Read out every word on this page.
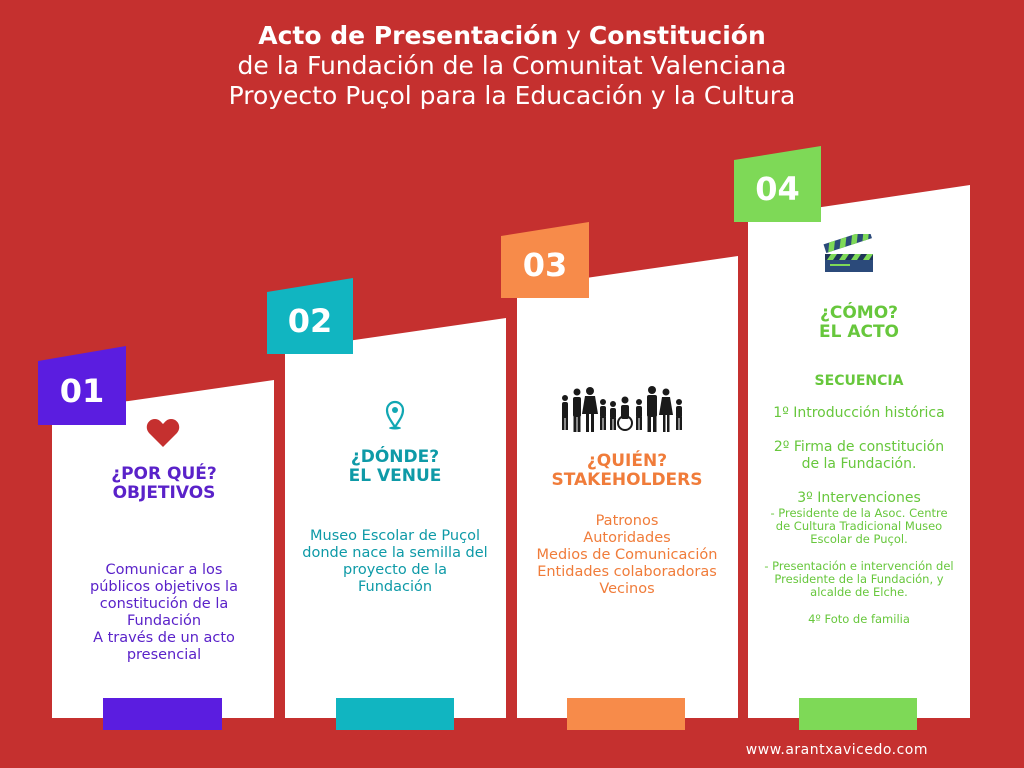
Acto de Presentación y Constitución
de la Fundación de la Comunitat Valenciana
Proyecto Puçol para la Educación y la Cultura
01
¿POR QUÉ?
OBJETIVOS

Comunicar a los

públicos objetivos la

constitución de la

Fundación

A través de un acto

presencial

02
¿DÓNDE?
EL VENUE

Museo Escolar de Puçol

donde nace la semilla del

proyecto de la

Fundación

03
¿QUIÉN?
STAKEHOLDERS

Patronos

Autoridades

Medios de Comunicación

Entidades colaboradoras

Vecinos

04
¿CÓMO?
EL ACTO
SECUENCIA

1º Introducción histórica

2º Firma de constitución

de la Fundación.

3º Intervenciones

- Presidente de la Asoc. Centre

de Cultura Tradicional Museo

Escolar de Puçol.

- Presentación e intervención del

Presidente de la Fundación, y

alcalde de Elche.

4º Foto de familia

www.arantxavicedo.com
